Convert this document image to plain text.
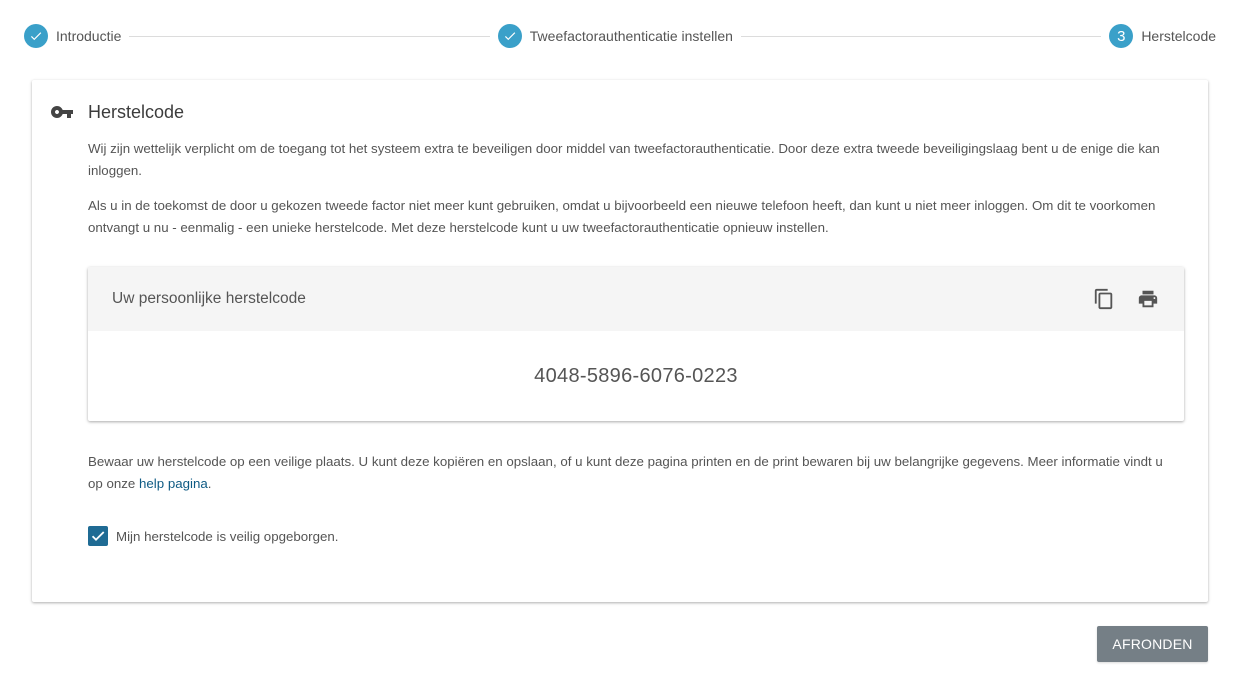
Introductie	Tweefactorauthenticatie instellen	3	Herstelcode
Herstelcode

Wij zijn wettelijk verplicht om de toegang tot het systeem extra te beveiligen door middel van tweefactorauthenticatie. Door deze extra tweede beveiligingslaag bent u de enige die kan inloggen.

Als u in de toekomst de door u gekozen tweede factor niet meer kunt gebruiken, omdat u bijvoorbeeld een nieuwe telefoon heeft, dan kunt u niet meer inloggen. Om dit te voorkomen ontvangt u nu - eenmalig - een unieke herstelcode. Met deze herstelcode kunt u uw tweefactorauthenticatie opnieuw instellen.

Uw persoonlijke herstelcode
4048-5896-6076-0223

Bewaar uw herstelcode op een veilige plaats. U kunt deze kopiëren en opslaan, of u kunt deze pagina printen en de print bewaren bij uw belangrijke gegevens. Meer informatie vindt u op onze help pagina.

Mijn herstelcode is veilig opgeborgen.
AFRONDEN
